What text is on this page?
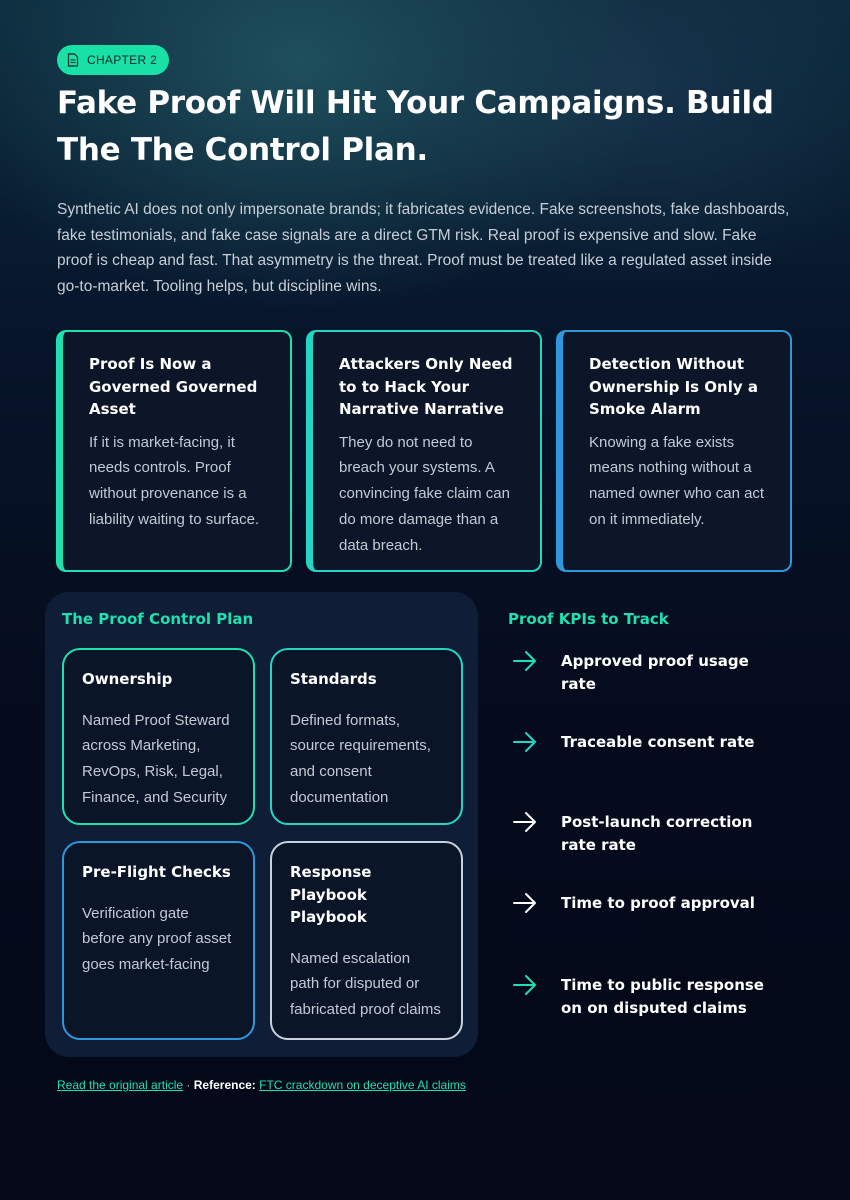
CHAPTER 2
Fake Proof Will Hit Your Campaigns. Build The The Control Plan.

Synthetic AI does not only impersonate brands; it fabricates evidence. Fake screenshots, fake dashboards, fake testimonials, and fake case signals are a direct GTM risk. Real proof is expensive and slow. Fake proof is cheap and fast. That asymmetry is the threat. Proof must be treated like a regulated asset inside go-to-market. Tooling helps, but discipline wins.

Proof Is Now a Governed Governed Asset

If it is market-facing, it needs controls. Proof without provenance is a liability waiting to surface.

Attackers Only Need to to Hack Your Narrative Narrative

They do not need to breach your systems. A convincing fake claim can do more damage than a data breach.

Detection Without Ownership Is Only a Smoke Alarm

Knowing a fake exists means nothing without a named owner who can act on it immediately.

The Proof Control Plan
Ownership

Named Proof Steward across Marketing, RevOps, Risk, Legal, Finance, and Security

Standards

Defined formats, source requirements, and consent documentation

Pre-Flight Checks

Verification gate before any proof asset goes market-facing

Response Playbook Playbook

Named escalation path for disputed or fabricated proof claims

Proof KPIs to Track
Approved proof usage rate
Traceable consent rate
Post-launch correction rate rate
Time to proof approval
Time to public response on on disputed claims
Read the original article · Reference: FTC crackdown on deceptive AI claims
